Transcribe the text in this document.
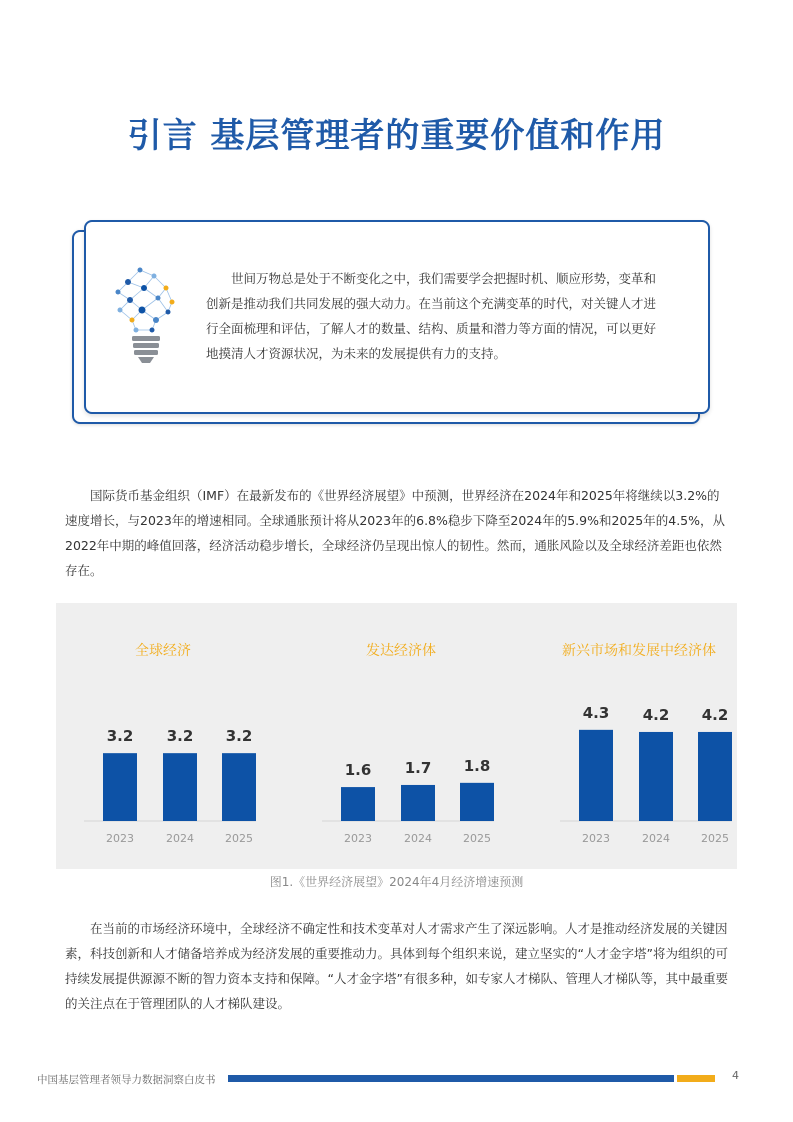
引言 基层管理者的重要价值和作用

世间万物总是处于不断变化之中，我们需要学会把握时机、顺应形势，变革和创新是推动我们共同发展的强大动力。在当前这个充满变革的时代，对关键人才进行全面梳理和评估，了解人才的数量、结构、质量和潜力等方面的情况，可以更好地摸清人才资源状况，为未来的发展提供有力的支持。

国际货币基金组织（IMF）在最新发布的《世界经济展望》中预测，世界经济在2024年和2025年将继续以3.2%的速度增长，与2023年的增速相同。全球通胀预计将从2023年的6.8%稳步下降至2024年的5.9%和2025年的4.5%，从2022年中期的峰值回落，经济活动稳步增长，全球经济仍呈现出惊人的韧性。然而，通胀风险以及全球经济差距也依然存在。

全球经济
3.2
2023
3.2
2024
3.2
2025
发达经济体
1.6
2023
1.7
2024
1.8
2025
新兴市场和发展中经济体
4.3
2023
4.2
2024
4.2
2025

图1.《世界经济展望》2024年4月经济增速预测

在当前的市场经济环境中，全球经济不确定性和技术变革对人才需求产生了深远影响。人才是推动经济发展的关键因素，科技创新和人才储备培养成为经济发展的重要推动力。具体到每个组织来说，建立坚实的“人才金字塔”将为组织的可持续发展提供源源不断的智力资本支持和保障。“人才金字塔”有很多种，如专家人才梯队、管理人才梯队等，其中最重要的关注点在于管理团队的人才梯队建设。

中国基层管理者领导力数据洞察白皮书	4
